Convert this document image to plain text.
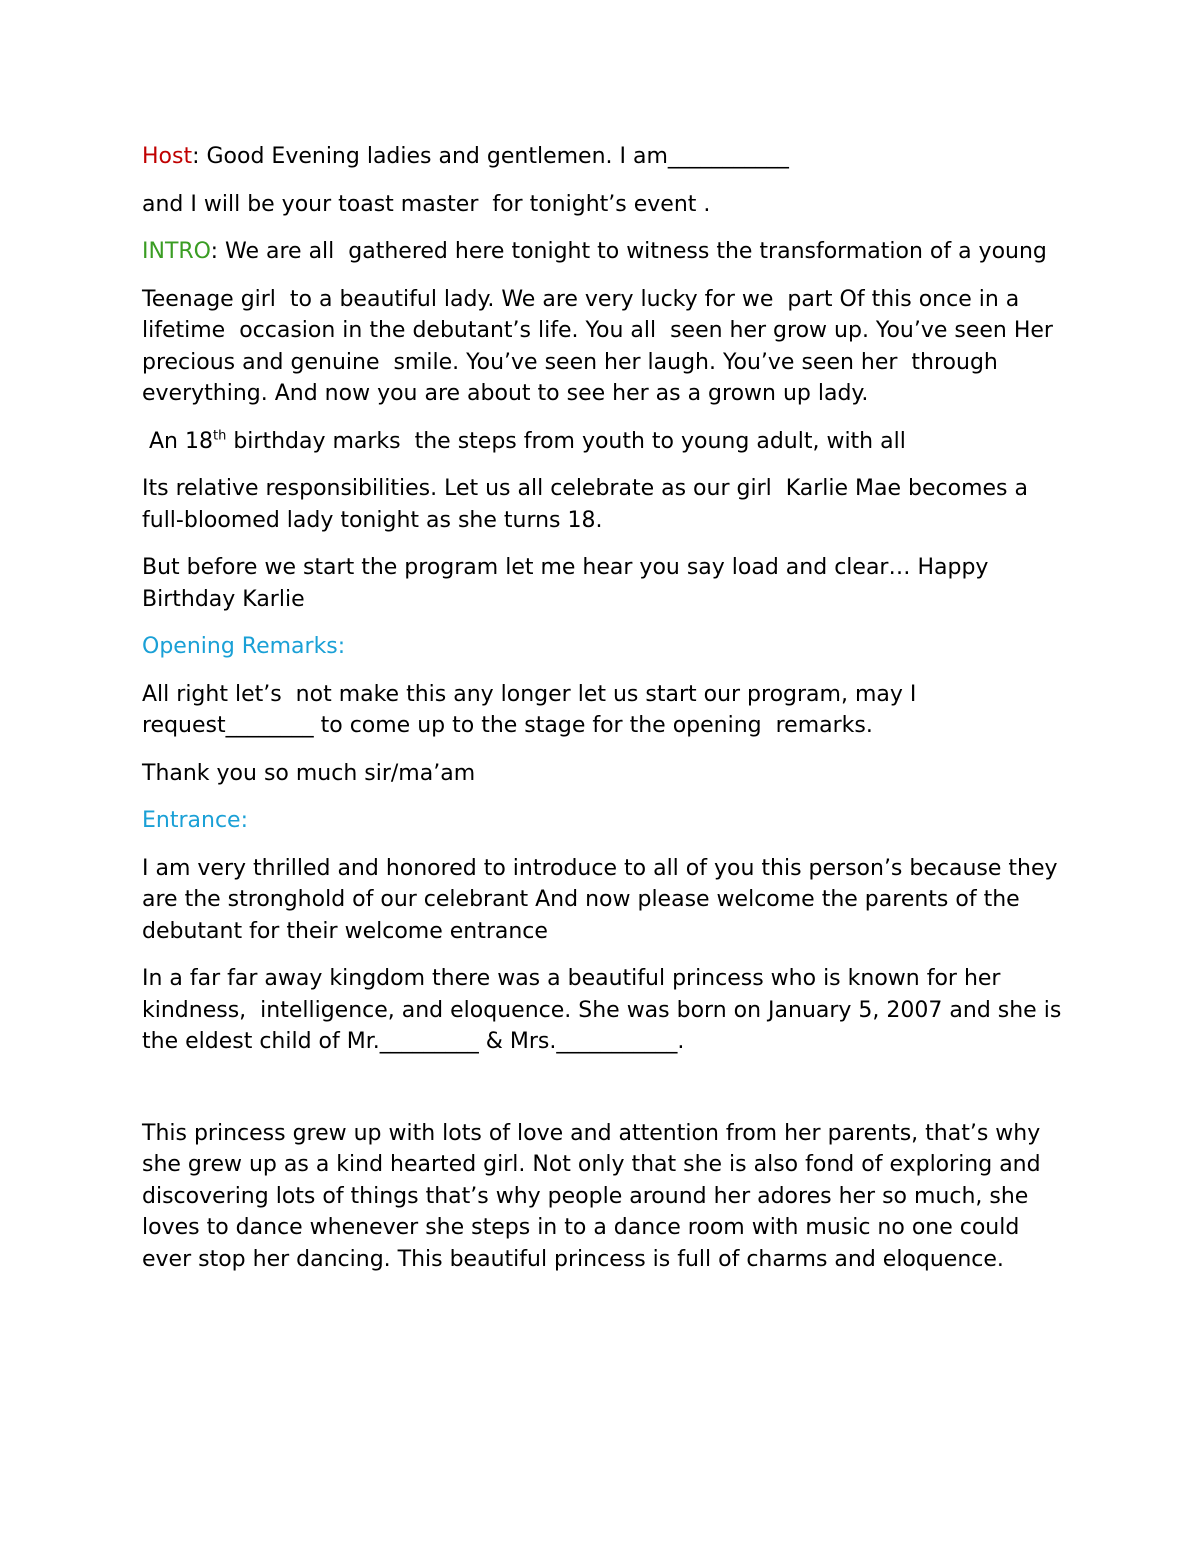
Host: Good Evening ladies and gentlemen. I am___________

and I will be your toast master  for tonight’s event .

INTRO: We are all  gathered here tonight to witness the transformation of a young

Teenage girl  to a beautiful lady. We are very lucky for we  part Of this once in a lifetime  occasion in the debutant’s life. You all  seen her grow up. You’ve seen Her precious and genuine  smile. You’ve seen her laugh. You’ve seen her  through everything. And now you are about to see her as a grown up lady.

An 18th birthday marks  the steps from youth to young adult, with all

Its relative responsibilities. Let us all celebrate as our girl  Karlie Mae becomes a full-bloomed lady tonight as she turns 18.

But before we start the program let me hear you say load and clear… Happy Birthday Karlie

Opening Remarks:

All right let’s  not make this any longer let us start our program, may I request________ to come up to the stage for the opening  remarks.

Thank you so much sir/ma’am

Entrance:

I am very thrilled and honored to introduce to all of you this person’s because they are the stronghold of our celebrant And now please welcome the parents of the debutant for their welcome entrance

In a far far away kingdom there was a beautiful princess who is known for her kindness,  intelligence, and eloquence. She was born on January 5, 2007 and she is the eldest child of Mr._________ & Mrs.___________.

This princess grew up with lots of love and attention from her parents, that’s why  she grew up as a kind hearted girl. Not only that she is also fond of exploring and discovering lots of things that’s why people around her adores her so much, she loves to dance whenever she steps in to a dance room with music no one could ever stop her dancing. This beautiful princess is full of charms and eloquence.
